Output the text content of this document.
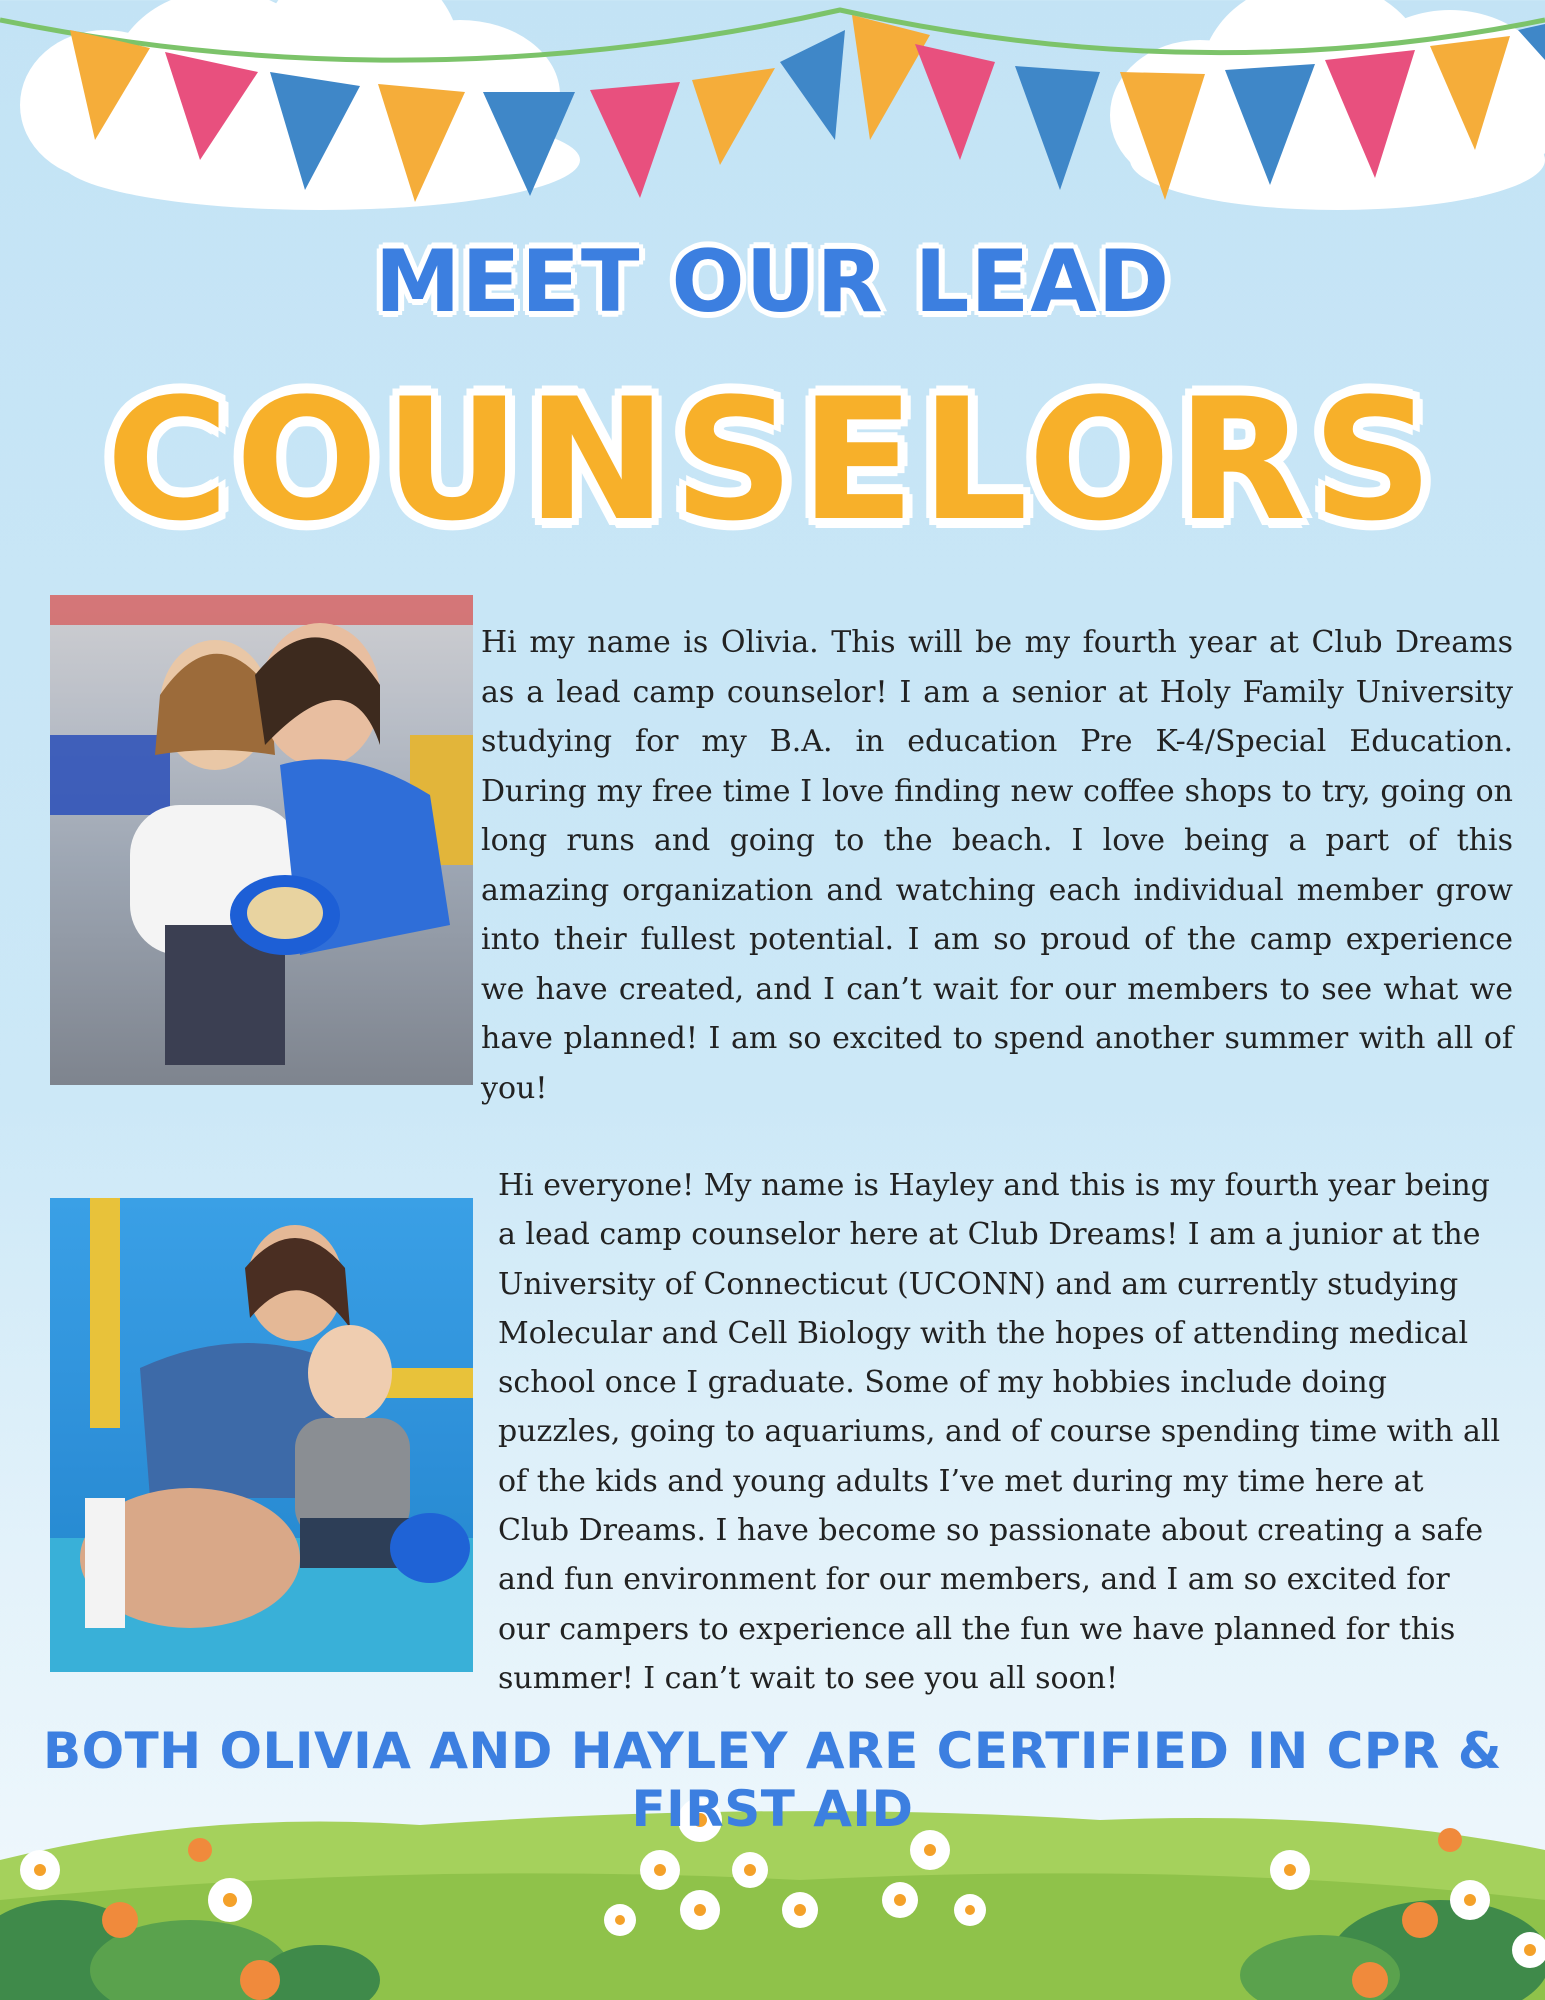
MEET OUR LEAD
COUNSELORS
Hi my name is Olivia. This will be my fourth year at Club Dreams as a lead camp counselor! I am a senior at Holy Family University studying for my B.A. in education Pre K-4/Special Education. During my free time I love finding new coffee shops to try, going on long runs and going to the beach. I love being a part of this amazing organization and watching each individual member grow into their fullest potential. I am so proud of the camp experience we have created, and I can’t wait for our members to see what we have planned! I am so excited to spend another summer with all of you!
Hi everyone! My name is Hayley and this is my fourth year being
a lead camp counselor here at Club Dreams! I am a junior at the
University of Connecticut (UCONN) and am currently studying
Molecular and Cell Biology with the hopes of attending medical
school once I graduate. Some of my hobbies include doing
puzzles, going to aquariums, and of course spending time with all
of the kids and young adults I’ve met during my time here at
Club Dreams. I have become so passionate about creating a safe
and fun environment for our members, and I am so excited for
our campers to experience all the fun we have planned for this
summer! I can’t wait to see you all soon!
BOTH OLIVIA AND HAYLEY ARE CERTIFIED IN CPR & FIRST AID
